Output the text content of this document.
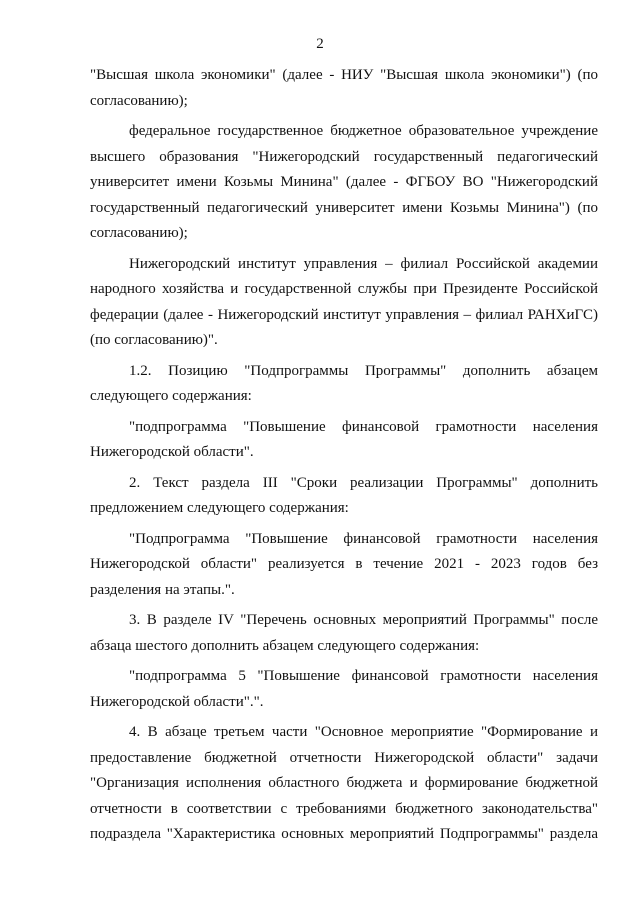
2

"Высшая школа экономики" (далее - НИУ "Высшая школа экономики") (по согласованию);

федеральное государственное бюджетное образовательное учреждение высшего образования "Нижегородский государственный педагогический университет имени Козьмы Минина" (далее - ФГБОУ ВО "Нижегородский государственный педагогический университет имени Козьмы Минина") (по согласованию);

Нижегородский институт управления – филиал Российской академии народного хозяйства и государственной службы при Президенте Российской федерации (далее - Нижегородский институт управления – филиал РАНХиГС) (по согласованию)".

1.2. Позицию "Подпрограммы Программы" дополнить абзацем следующего содержания:

"подпрограмма "Повышение финансовой грамотности населения Нижегородской области".

2. Текст раздела III "Сроки реализации Программы" дополнить предложением следующего содержания:

"Подпрограмма "Повышение финансовой грамотности населения Нижегородской области" реализуется в течение 2021 - 2023 годов без разделения на этапы.".

3. В разделе IV "Перечень основных мероприятий Программы" после абзаца шестого дополнить абзацем следующего содержания:

"подпрограмма 5 "Повышение финансовой грамотности населения Нижегородской области".".

4. В абзаце третьем части "Основное мероприятие "Формирование и предоставление бюджетной отчетности Нижегородской области" задачи "Организация исполнения областного бюджета и формирование бюджетной отчетности в соответствии с требованиями бюджетного законодательства" подраздела "Характеристика основных мероприятий Подпрограммы" раздела
